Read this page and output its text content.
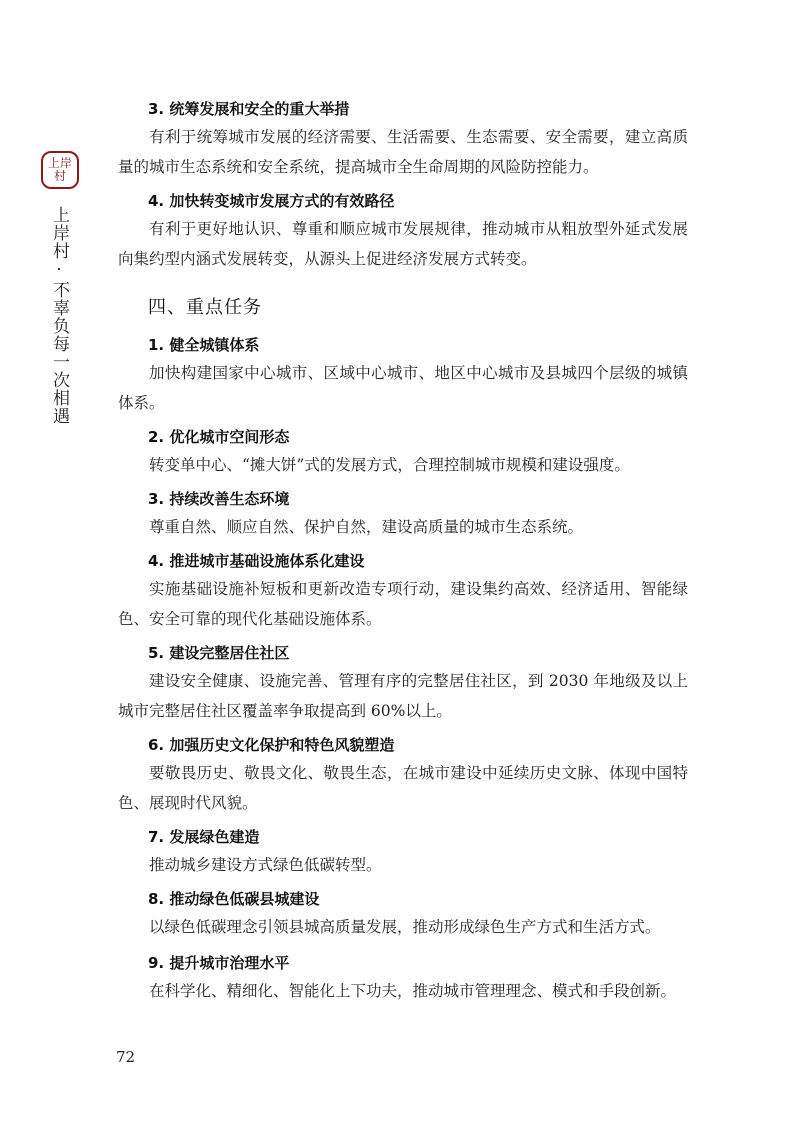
上岸
村
上岸村·不辜负每一次相遇
3. 统筹发展和安全的重大举措

有利于统筹城市发展的经济需要、生活需要、生态需要、安全需要，建立高质量的城市生态系统和安全系统，提高城市全生命周期的风险防控能力。

4. 加快转变城市发展方式的有效路径

有利于更好地认识、尊重和顺应城市发展规律，推动城市从粗放型外延式发展向集约型内涵式发展转变，从源头上促进经济发展方式转变。

四、重点任务
1. 健全城镇体系

加快构建国家中心城市、区域中心城市、地区中心城市及县城四个层级的城镇体系。

2. 优化城市空间形态

转变单中心、“摊大饼”式的发展方式，合理控制城市规模和建设强度。

3. 持续改善生态环境

尊重自然、顺应自然、保护自然，建设高质量的城市生态系统。

4. 推进城市基础设施体系化建设

实施基础设施补短板和更新改造专项行动，建设集约高效、经济适用、智能绿色、安全可靠的现代化基础设施体系。

5. 建设完整居住社区

建设安全健康、设施完善、管理有序的完整居住社区，到 2030 年地级及以上城市完整居住社区覆盖率争取提高到 60%以上。

6. 加强历史文化保护和特色风貌塑造

要敬畏历史、敬畏文化、敬畏生态，在城市建设中延续历史文脉、体现中国特色、展现时代风貌。

7. 发展绿色建造

推动城乡建设方式绿色低碳转型。

8. 推动绿色低碳县城建设

以绿色低碳理念引领县城高质量发展，推动形成绿色生产方式和生活方式。

9. 提升城市治理水平

在科学化、精细化、智能化上下功夫，推动城市管理理念、模式和手段创新。

72
